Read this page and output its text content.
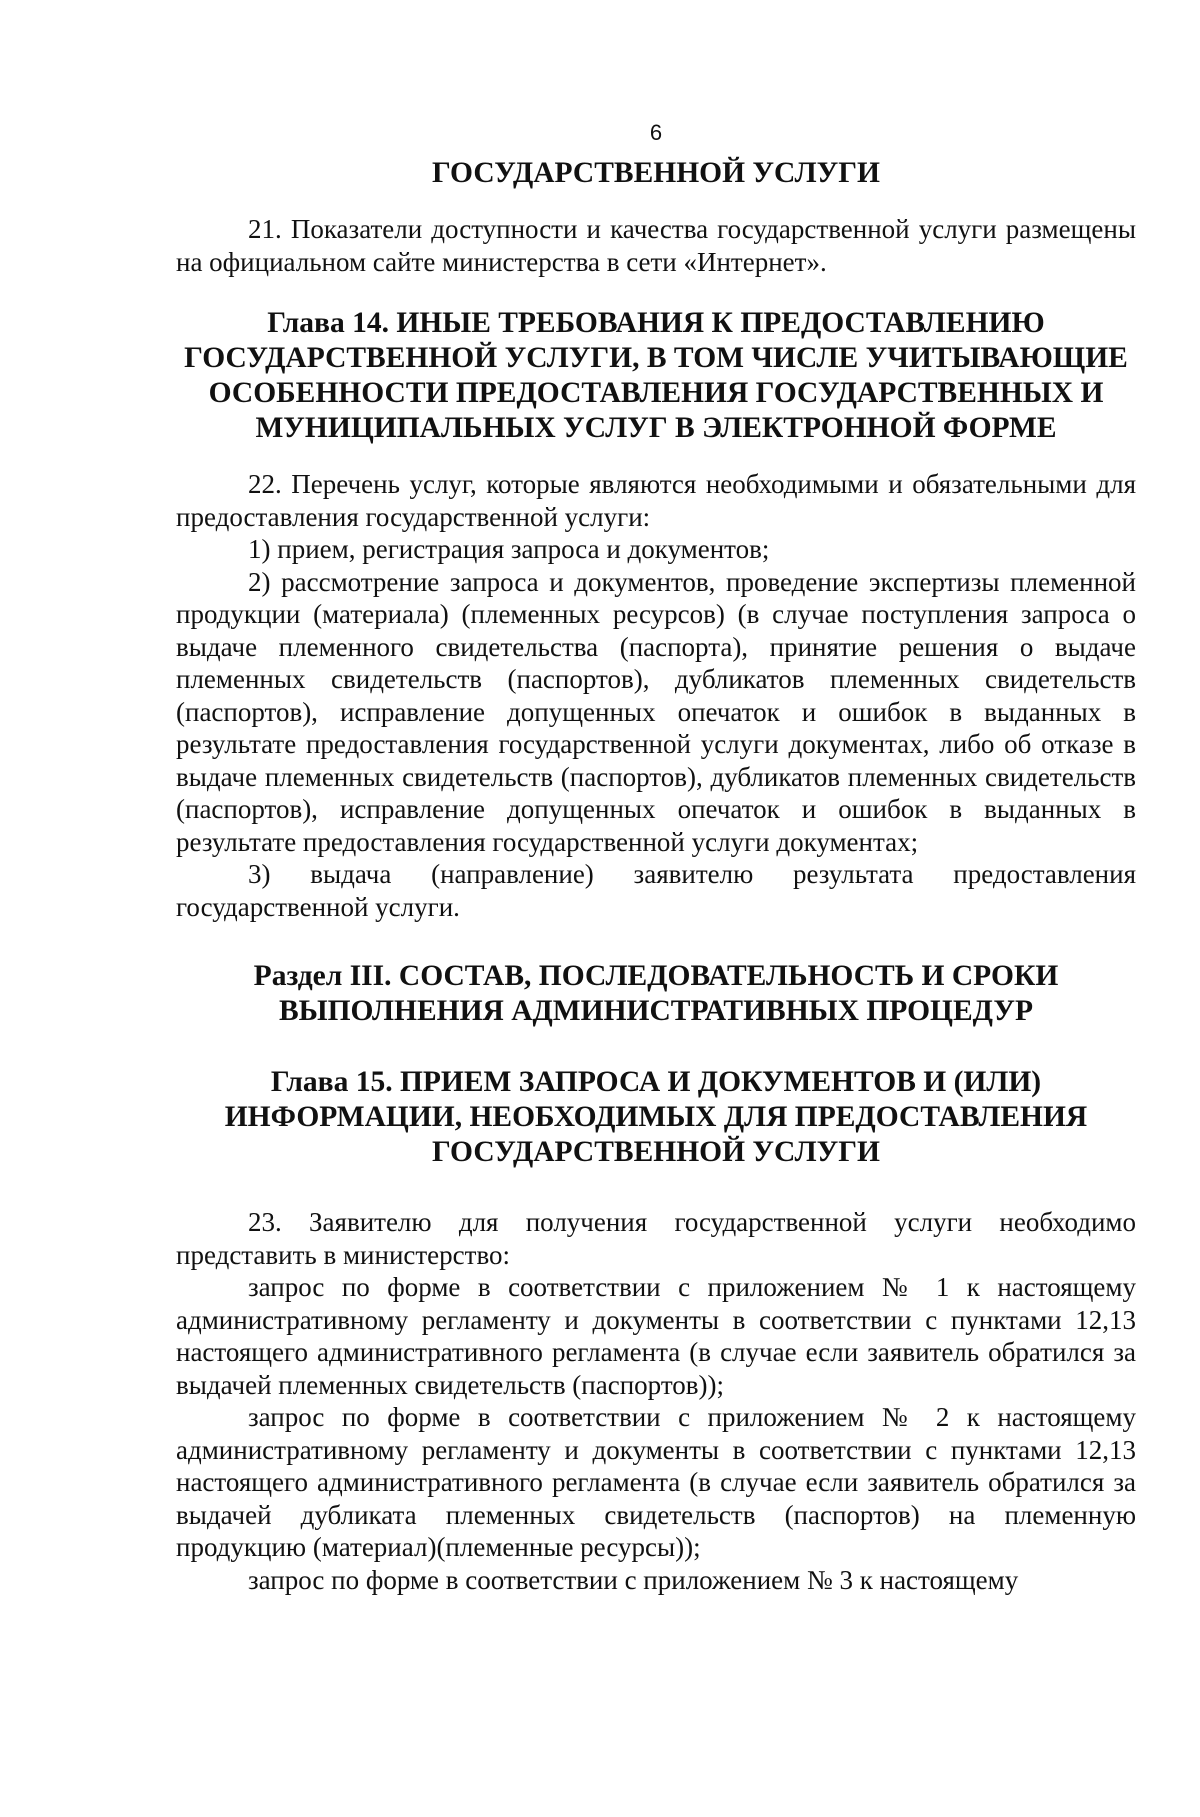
6

ГОСУДАРСТВЕННОЙ УСЛУГИ

21. Показатели доступности и качества государственной услуги размещены на официальном сайте министерства в сети «Интернет».

Глава 14. ИНЫЕ ТРЕБОВАНИЯ К ПРЕДОСТАВЛЕНИЮ
ГОСУДАРСТВЕННОЙ УСЛУГИ, В ТОМ ЧИСЛЕ УЧИТЫВАЮЩИЕ
ОСОБЕННОСТИ ПРЕДОСТАВЛЕНИЯ ГОСУДАРСТВЕННЫХ И
МУНИЦИПАЛЬНЫХ УСЛУГ В ЭЛЕКТРОННОЙ ФОРМЕ

22. Перечень услуг, которые являются необходимыми и обязательными для предоставления государственной услуги:

1) прием, регистрация запроса и документов;

2) рассмотрение запроса и документов, проведение экспертизы племенной продукции (материала) (племенных ресурсов) (в случае поступления запроса о выдаче племенного свидетельства (паспорта), принятие решения о выдаче племенных свидетельств (паспортов), дубликатов племенных свидетельств (паспортов), исправление допущенных опечаток и ошибок в выданных в результате предоставления государственной услуги документах, либо об отказе в выдаче племенных свидетельств (паспортов), дубликатов племенных свидетельств (паспортов), исправление допущенных опечаток и ошибок в выданных в результате предоставления государственной услуги документах;

3) выдача (направление) заявителю результата предоставления государственной услуги.

Раздел III. СОСТАВ, ПОСЛЕДОВАТЕЛЬНОСТЬ И СРОКИ
ВЫПОЛНЕНИЯ АДМИНИСТРАТИВНЫХ ПРОЦЕДУР

Глава 15. ПРИЕМ ЗАПРОСА И ДОКУМЕНТОВ И (ИЛИ)
ИНФОРМАЦИИ, НЕОБХОДИМЫХ ДЛЯ ПРЕДОСТАВЛЕНИЯ
ГОСУДАРСТВЕННОЙ УСЛУГИ

23. Заявителю для получения государственной услуги необходимо представить в министерство:

запрос по форме в соответствии с приложением № 1 к настоящему административному регламенту и документы в соответствии с пунктами 12,13 настоящего административного регламента (в случае если заявитель обратился за выдачей племенных свидетельств (паспортов));

запрос по форме в соответствии с приложением № 2 к настоящему административному регламенту и документы в соответствии с пунктами 12,13 настоящего административного регламента (в случае если заявитель обратился за выдачей дубликата племенных свидетельств (паспортов) на племенную продукцию (материал)(племенные ресурсы));

запрос по форме в соответствии с приложением № 3 к настоящему
